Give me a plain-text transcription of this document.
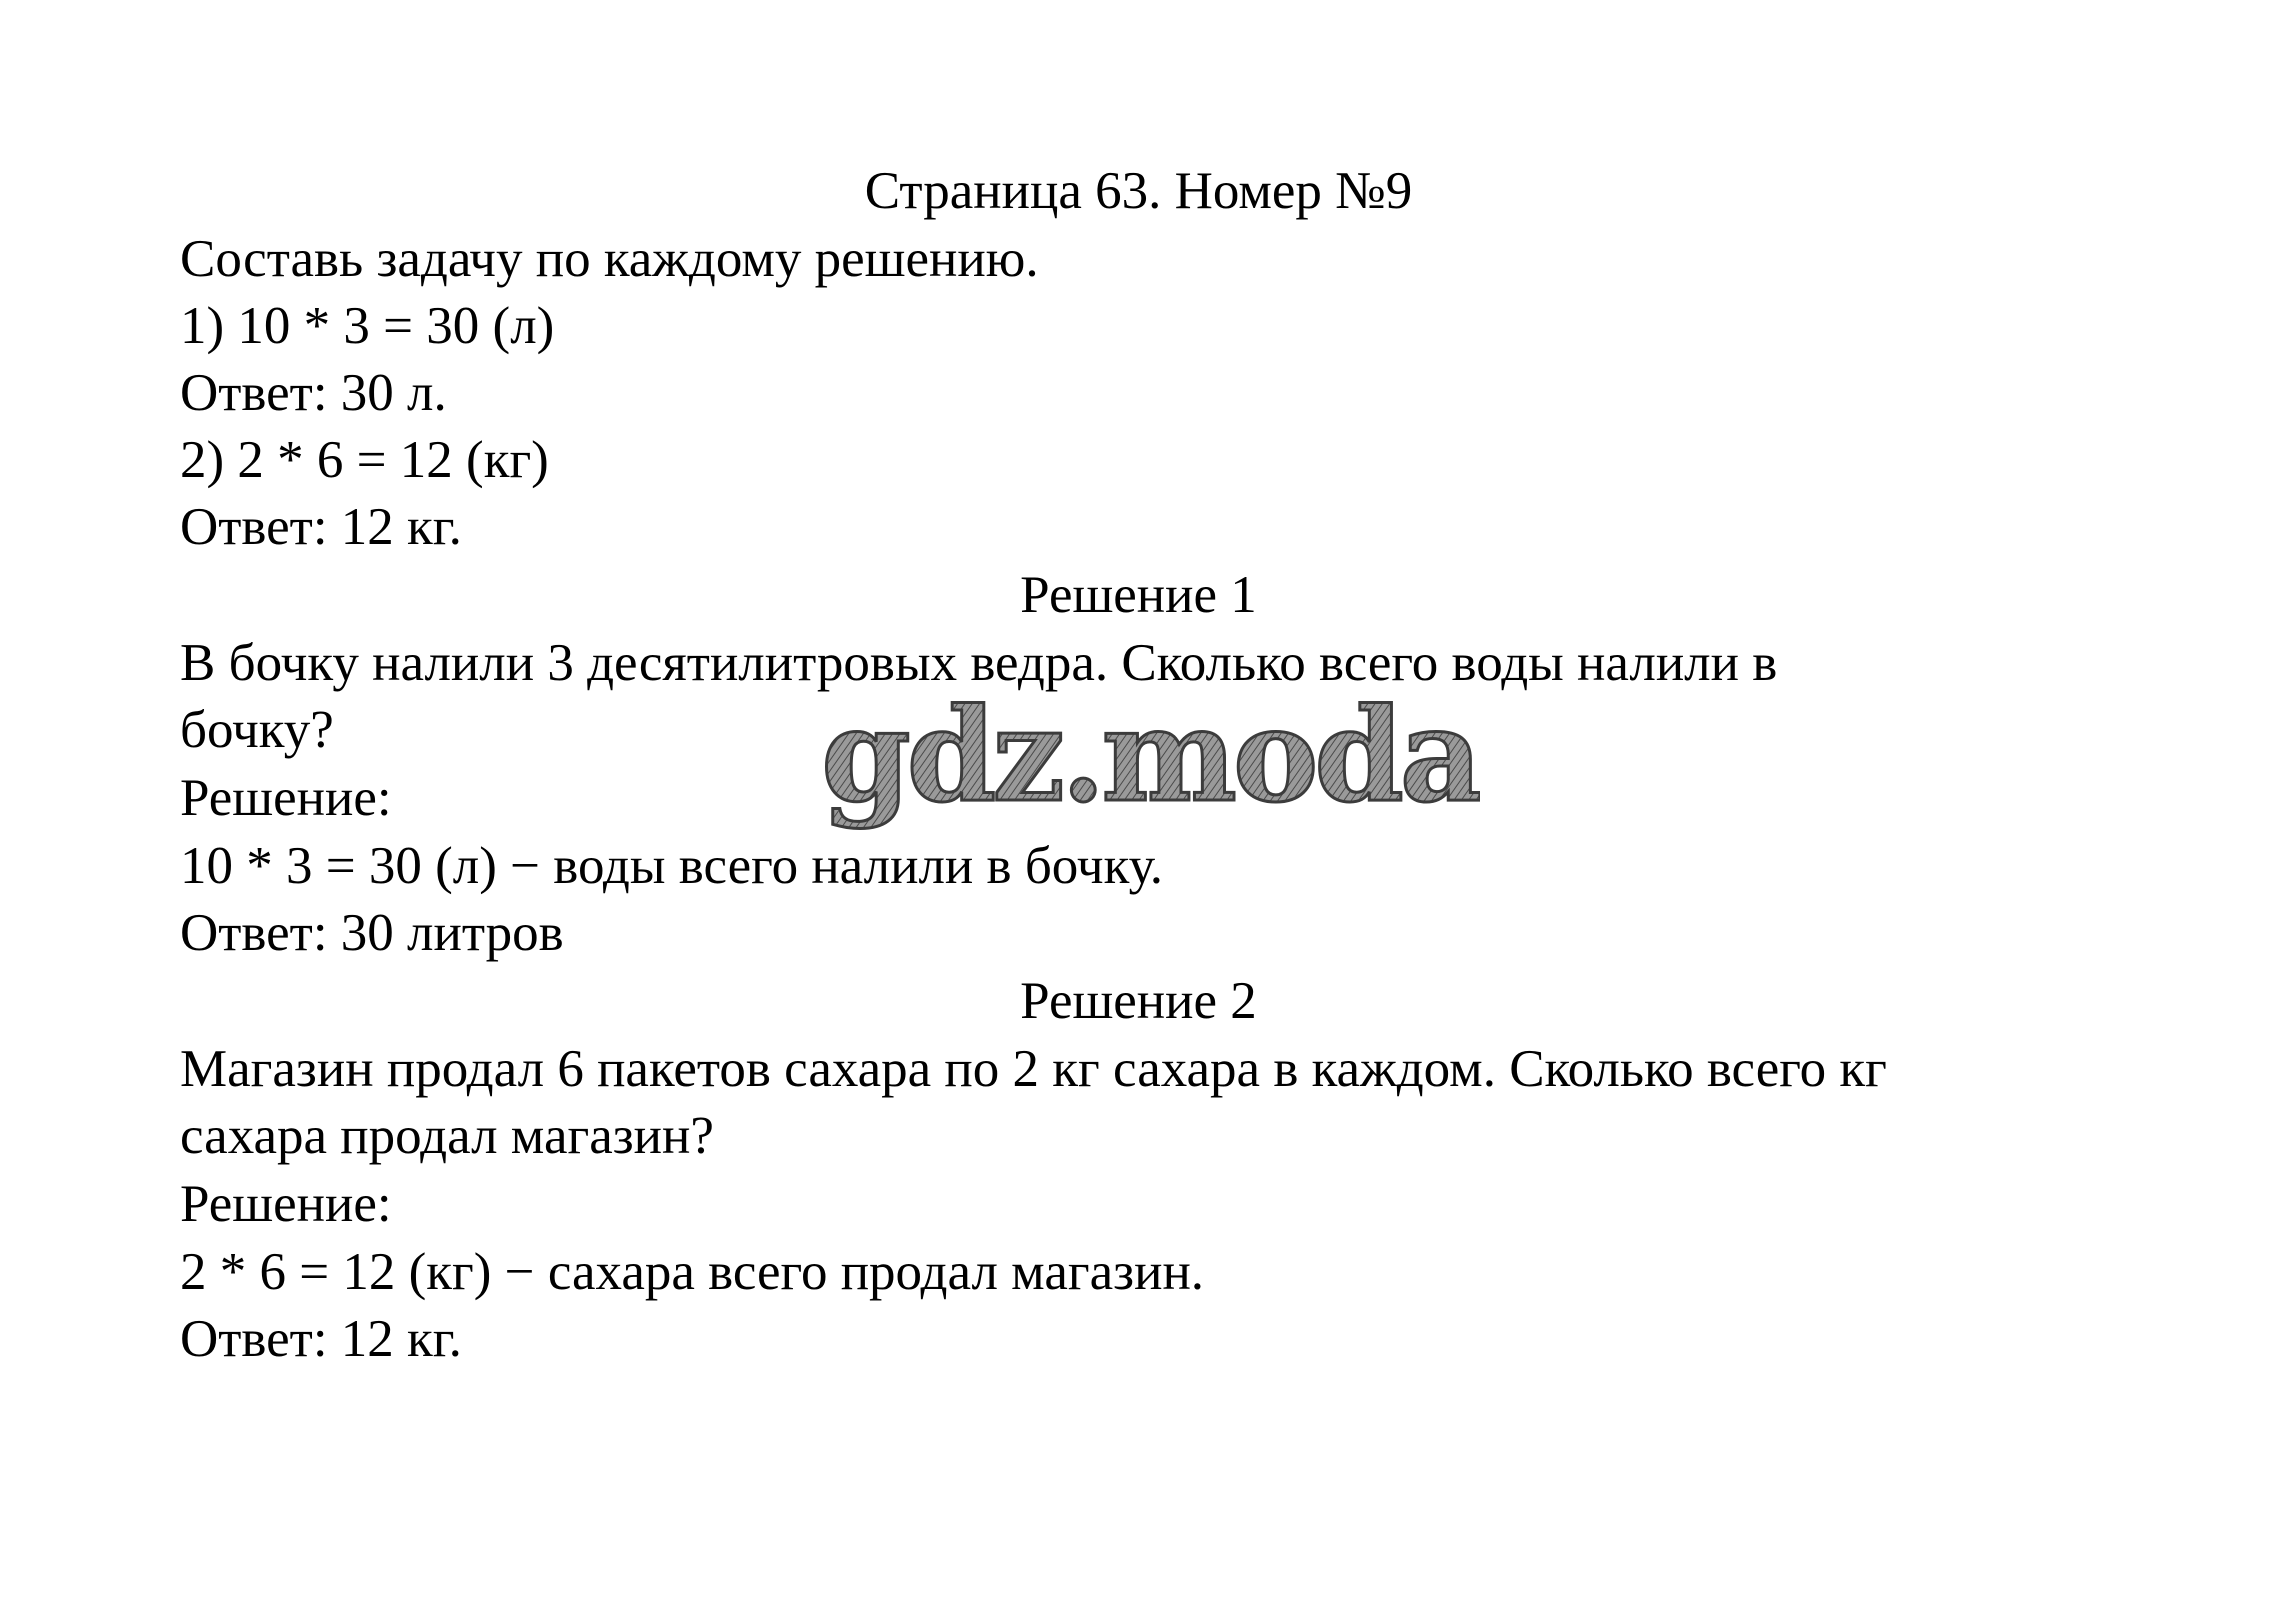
Страница 63. Номер №9
Составь задачу по каждому решению.
1) 10 * 3 = 30 (л)
Ответ: 30 л.
2) 2 * 6 = 12 (кг)
Ответ: 12 кг.
Решение 1
В бочку налили 3 десятилитровых ведра. Сколько всего воды налили в
бочку?
Решение:
10 * 3 = 30 (л) − воды всего налили в бочку.
Ответ: 30 литров
Решение 2
Магазин продал 6 пакетов сахара по 2 кг сахара в каждом. Сколько всего кг
сахара продал магазин?
Решение:
2 * 6 = 12 (кг) − сахара всего продал магазин.
Ответ: 12 кг.
gdz.moda
